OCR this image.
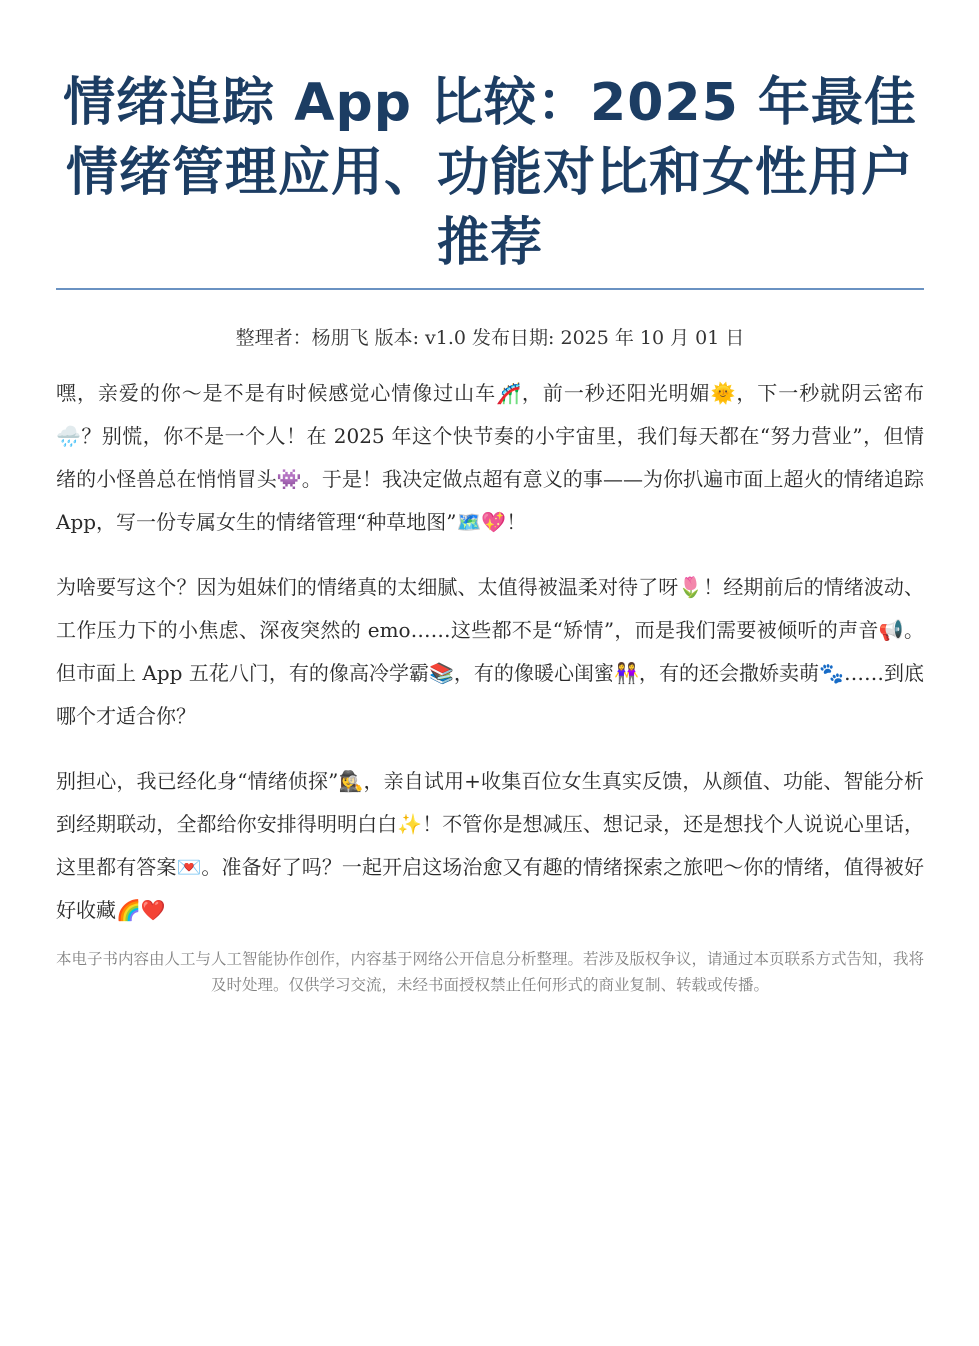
情绪追踪 App 比较：2025 年最佳情绪管理应用、功能对比和女性用户推荐
整理者：杨朋飞 版本: v1.0 发布日期: 2025 年 10 月 01 日

嘿，亲爱的你～是不是有时候感觉心情像过山车🎢，前一秒还阳光明媚🌞，下一秒就阴云密布🌧️？别慌，你不是一个人！在 2025 年这个快节奏的小宇宙里，我们每天都在“努力营业”，但情绪的小怪兽总在悄悄冒头👾。于是！我决定做点超有意义的事——为你扒遍市面上超火的情绪追踪 App，写一份专属女生的情绪管理“种草地图”🗺️💖！

为啥要写这个？因为姐妹们的情绪真的太细腻、太值得被温柔对待了呀🌷！经期前后的情绪波动、工作压力下的小焦虑、深夜突然的 emo……这些都不是“矫情”，而是我们需要被倾听的声音📢。但市面上 App 五花八门，有的像高冷学霸📚，有的像暖心闺蜜👭，有的还会撒娇卖萌🐾……到底哪个才适合你？

别担心，我已经化身“情绪侦探”🕵️‍♀️，亲自试用+收集百位女生真实反馈，从颜值、功能、智能分析到经期联动，全都给你安排得明明白白✨！不管你是想减压、想记录，还是想找个人说说心里话，这里都有答案💌。准备好了吗？一起开启这场治愈又有趣的情绪探索之旅吧～你的情绪，值得被好好收藏🌈❤️

本电子书内容由人工与人工智能协作创作，内容基于网络公开信息分析整理。若涉及版权争议，请通过本页联系方式告知，我将及时处理。仅供学习交流，未经书面授权禁止任何形式的商业复制、转载或传播。
